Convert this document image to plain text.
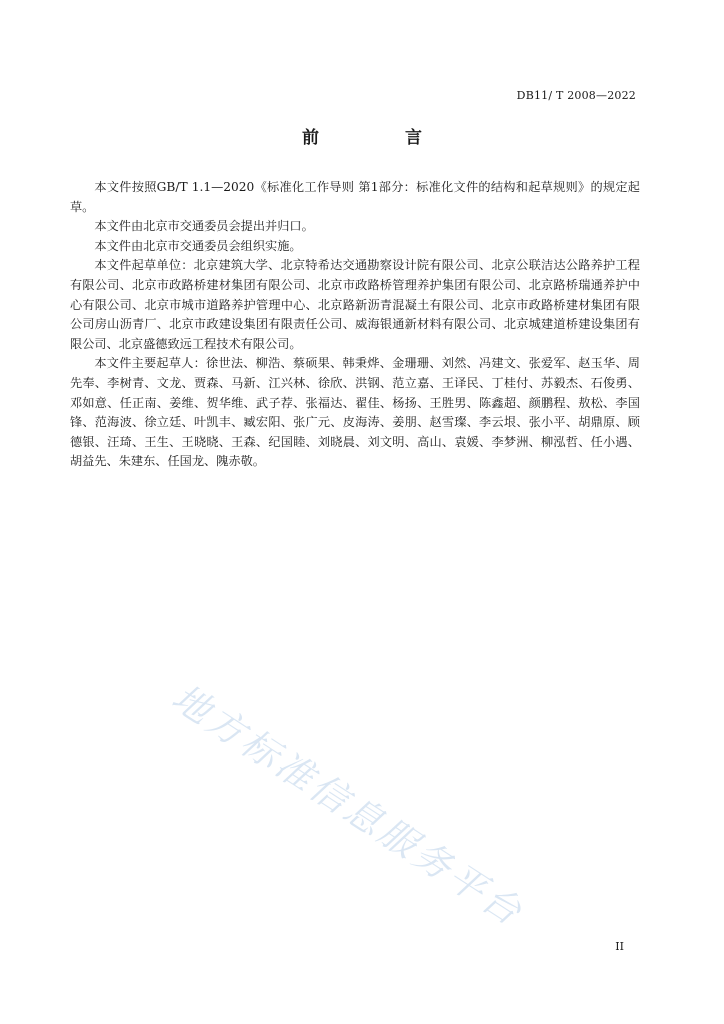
DB11/ T 2008—2022
前 言

本文件按照GB/T 1.1—2020《标准化工作导则 第1部分：标准化文件的结构和起草规则》的规定起草。

本文件由北京市交通委员会提出并归口。

本文件由北京市交通委员会组织实施。

本文件起草单位：北京建筑大学、北京特希达交通勘察设计院有限公司、北京公联洁达公路养护工程有限公司、北京市政路桥建材集团有限公司、北京市政路桥管理养护集团有限公司、北京路桥瑞通养护中心有限公司、北京市城市道路养护管理中心、北京路新沥青混凝土有限公司、北京市政路桥建材集团有限公司房山沥青厂、北京市政建设集团有限责任公司、威海银通新材料有限公司、北京城建道桥建设集团有限公司、北京盛德致远工程技术有限公司。

本文件主要起草人：徐世法、柳浩、蔡硕果、韩秉烨、金珊珊、刘然、冯建文、张爱军、赵玉华、周先奉、李树青、文龙、贾森、马新、江兴林、徐欣、洪钢、范立嘉、王译民、丁桂付、苏毅杰、石俊勇、邓如意、任正南、姜维、贺华维、武子荐、张福达、翟佳、杨扬、王胜男、陈鑫超、颜鹏程、敖松、李国锋、范海波、徐立廷、叶凯丰、臧宏阳、张广元、皮海涛、姜朋、赵雪璨、李云垠、张小平、胡鼎原、顾德银、汪琦、王生、王晓晓、王森、纪国睦、刘晓晨、刘文明、高山、袁媛、李梦洲、柳泓哲、任小遇、胡益先、朱建东、任国龙、隗赤敬。

地方标准信息服务平台
II
